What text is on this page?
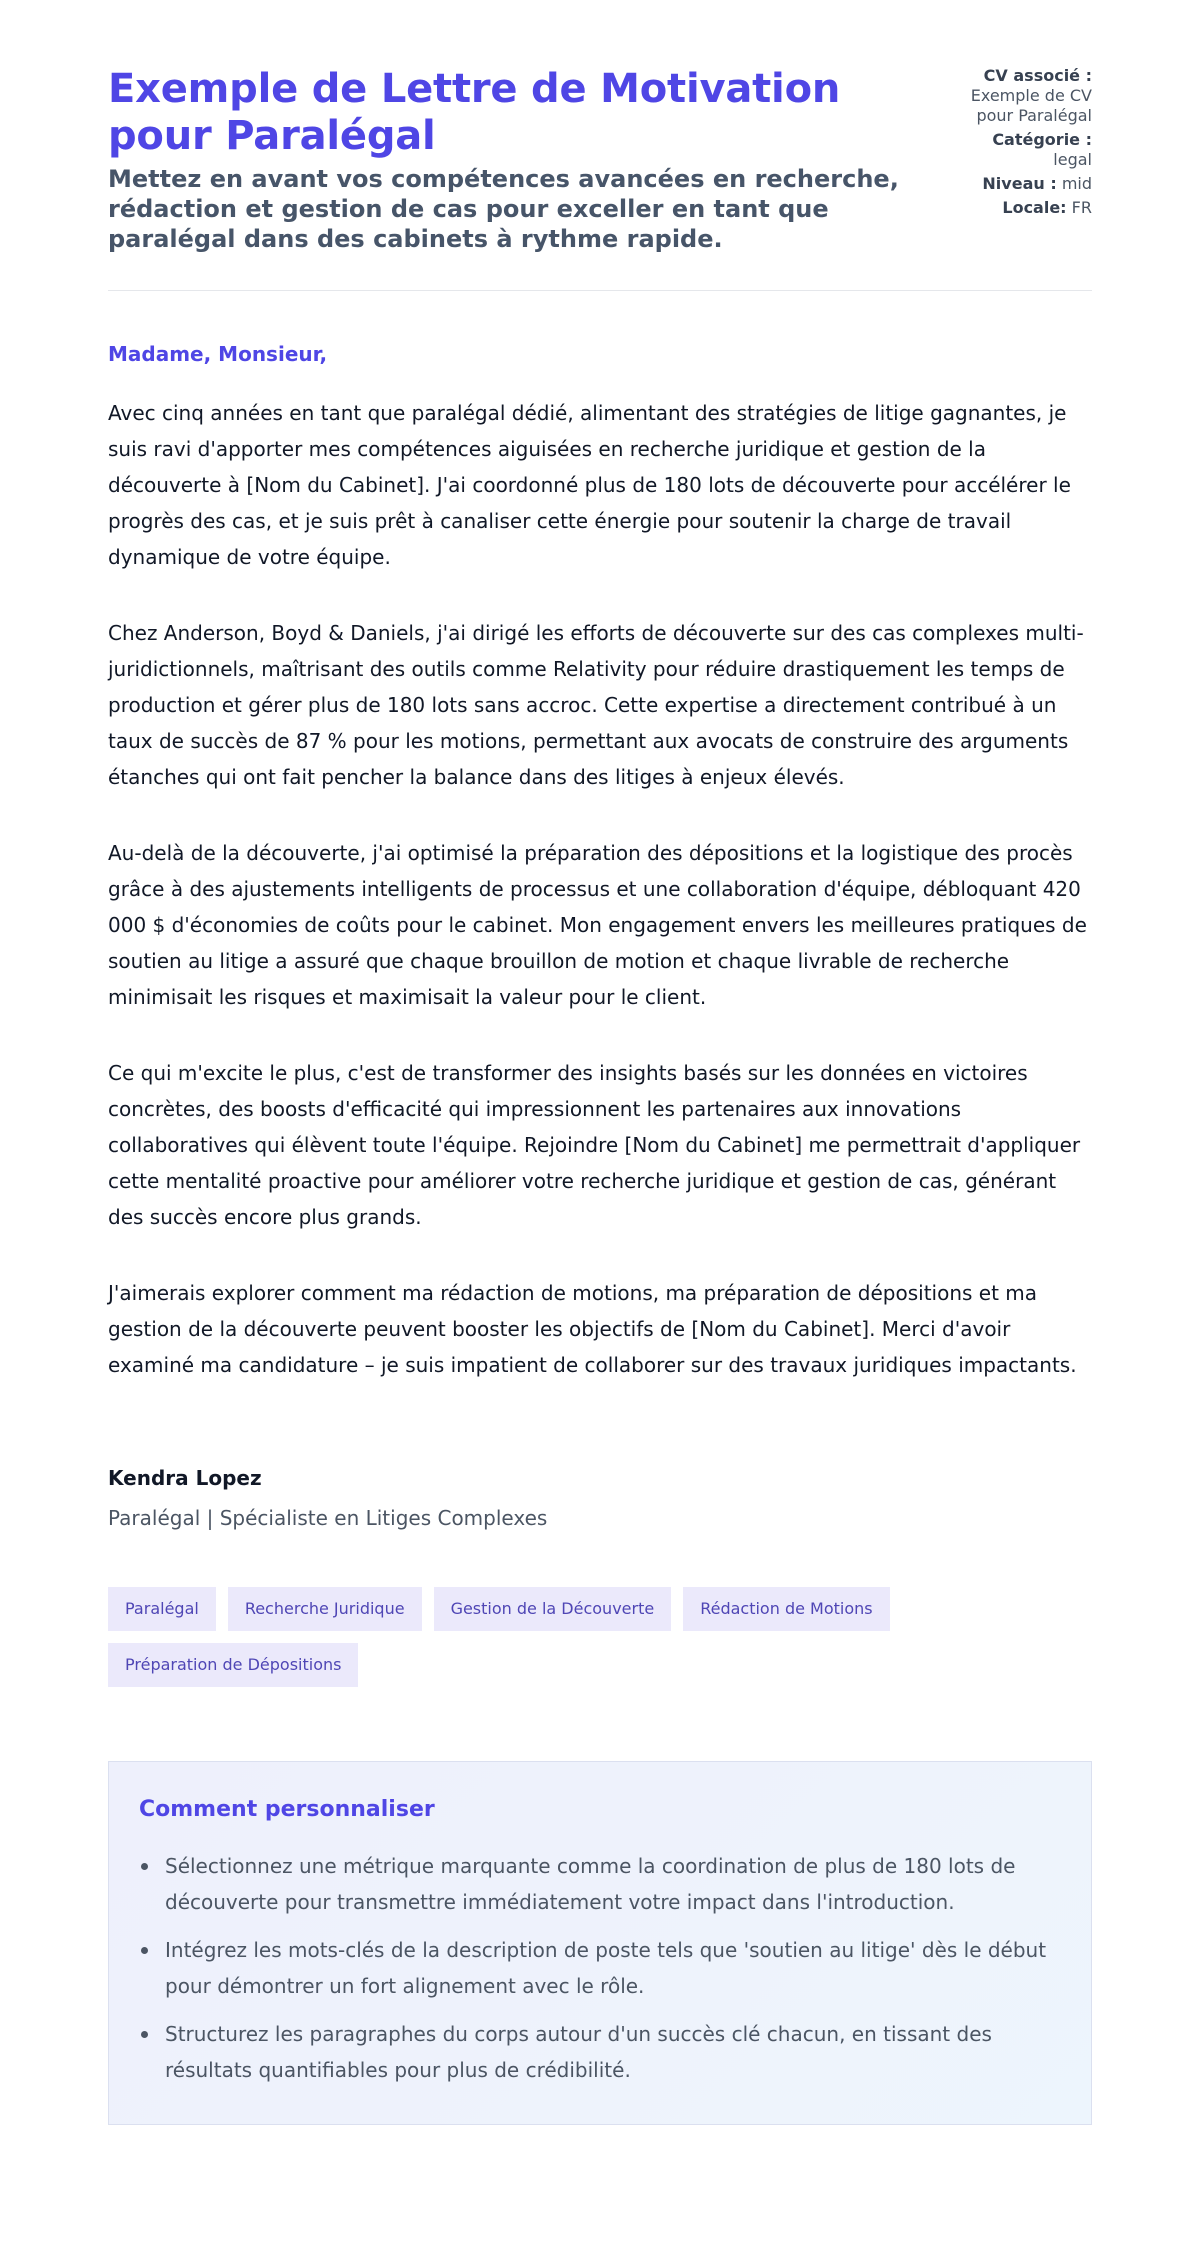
Exemple de Lettre de Motivation pour Paralégal
Mettez en avant vos compétences avancées en recherche, rédaction et gestion de cas pour exceller en tant que paralégal dans des cabinets à rythme rapide.
CV associé :
Exemple de CV pour Paralégal
Catégorie :
legal
Niveau : mid
Locale: FR

Madame, Monsieur,

Avec cinq années en tant que paralégal dédié, alimentant des stratégies de litige gagnantes, je suis ravi d'apporter mes compétences aiguisées en recherche juridique et gestion de la découverte à [Nom du Cabinet]. J'ai coordonné plus de 180 lots de découverte pour accélérer le progrès des cas, et je suis prêt à canaliser cette énergie pour soutenir la charge de travail dynamique de votre équipe.

Chez Anderson, Boyd & Daniels, j'ai dirigé les efforts de découverte sur des cas complexes multi-juridictionnels, maîtrisant des outils comme Relativity pour réduire drastiquement les temps de production et gérer plus de 180 lots sans accroc. Cette expertise a directement contribué à un taux de succès de 87 % pour les motions, permettant aux avocats de construire des arguments étanches qui ont fait pencher la balance dans des litiges à enjeux élevés.

Au-delà de la découverte, j'ai optimisé la préparation des dépositions et la logistique des procès grâce à des ajustements intelligents de processus et une collaboration d'équipe, débloquant 420 000 $ d'économies de coûts pour le cabinet. Mon engagement envers les meilleures pratiques de soutien au litige a assuré que chaque brouillon de motion et chaque livrable de recherche minimisait les risques et maximisait la valeur pour le client.

Ce qui m'excite le plus, c'est de transformer des insights basés sur les données en victoires concrètes, des boosts d'efficacité qui impressionnent les partenaires aux innovations collaboratives qui élèvent toute l'équipe. Rejoindre [Nom du Cabinet] me permettrait d'appliquer cette mentalité proactive pour améliorer votre recherche juridique et gestion de cas, générant des succès encore plus grands.

J'aimerais explorer comment ma rédaction de motions, ma préparation de dépositions et ma gestion de la découverte peuvent booster les objectifs de [Nom du Cabinet]. Merci d'avoir examiné ma candidature – je suis impatient de collaborer sur des travaux juridiques impactants.

Kendra Lopez
Paralégal | Spécialiste en Litiges Complexes
Paralégal	Recherche Juridique	Gestion de la Découverte	Rédaction de Motions
Préparation de Dépositions
Comment personnaliser
Sélectionnez une métrique marquante comme la coordination de plus de 180 lots de découverte pour transmettre immédiatement votre impact dans l'introduction.
Intégrez les mots-clés de la description de poste tels que 'soutien au litige' dès le début pour démontrer un fort alignement avec le rôle.
Structurez les paragraphes du corps autour d'un succès clé chacun, en tissant des résultats quantifiables pour plus de crédibilité.
